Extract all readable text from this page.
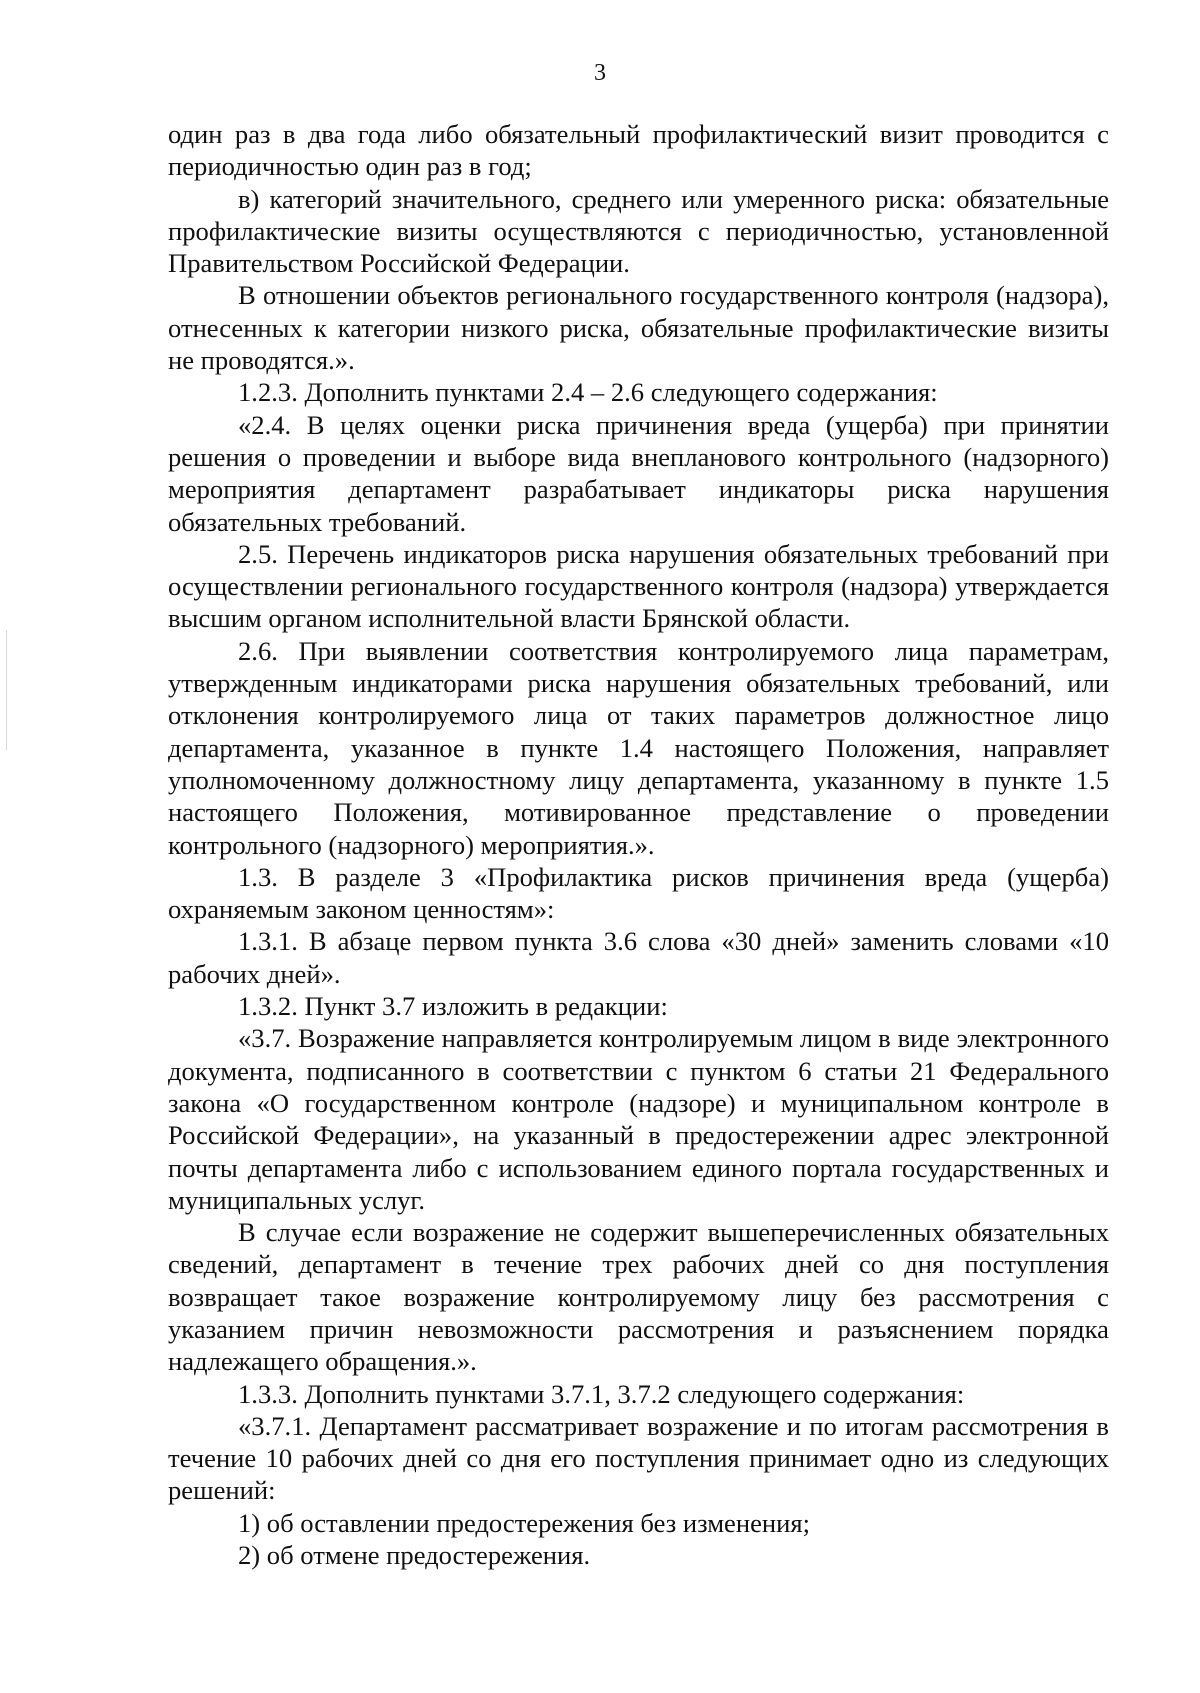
3

один раз в два года либо обязательный профилактический визит проводится с периодичностью один раз в год;

в) категорий значительного, среднего или умеренного риска: обязательные профилактические визиты осуществляются с периодичностью, установленной Правительством Российской Федерации.

В отношении объектов регионального государственного контроля (надзора), отнесенных к категории низкого риска, обязательные профилактические визиты не проводятся.».

1.2.3. Дополнить пунктами 2.4 – 2.6 следующего содержания:

«2.4. В целях оценки риска причинения вреда (ущерба) при принятии решения о проведении и выборе вида внепланового контрольного (надзорного) мероприятия департамент разрабатывает индикаторы риска нарушения обязательных требований.

2.5. Перечень индикаторов риска нарушения обязательных требований при осуществлении регионального государственного контроля (надзора) утверждается высшим органом исполнительной власти Брянской области.

2.6. При выявлении соответствия контролируемого лица параметрам, утвержденным индикаторами риска нарушения обязательных требований, или отклонения контролируемого лица от таких параметров должностное лицо департамента, указанное в пункте 1.4 настоящего Положения, направляет уполномоченному должностному лицу департамента, указанному в пункте 1.5 настоящего Положения, мотивированное представление о проведении контрольного (надзорного) мероприятия.».

1.3. В разделе 3 «Профилактика рисков причинения вреда (ущерба) охраняемым законом ценностям»:

1.3.1. В абзаце первом пункта 3.6 слова «30 дней» заменить словами «10 рабочих дней».

1.3.2. Пункт 3.7 изложить в редакции:

«3.7. Возражение направляется контролируемым лицом в виде электронного документа, подписанного в соответствии с пунктом 6 статьи 21 Федерального закона «О государственном контроле (надзоре) и муниципальном контроле в Российской Федерации», на указанный в предостережении адрес электронной почты департамента либо с использованием единого портала государственных и муниципальных услуг.

В случае если возражение не содержит вышеперечисленных обязательных сведений, департамент в течение трех рабочих дней со дня поступления возвращает такое возражение контролируемому лицу без рассмотрения с указанием причин невозможности рассмотрения и разъяснением порядка надлежащего обращения.».

1.3.3. Дополнить пунктами 3.7.1, 3.7.2 следующего содержания:

«3.7.1. Департамент рассматривает возражение и по итогам рассмотрения в течение 10 рабочих дней со дня его поступления принимает одно из следующих решений:

1) об оставлении предостережения без изменения;

2) об отмене предостережения.
